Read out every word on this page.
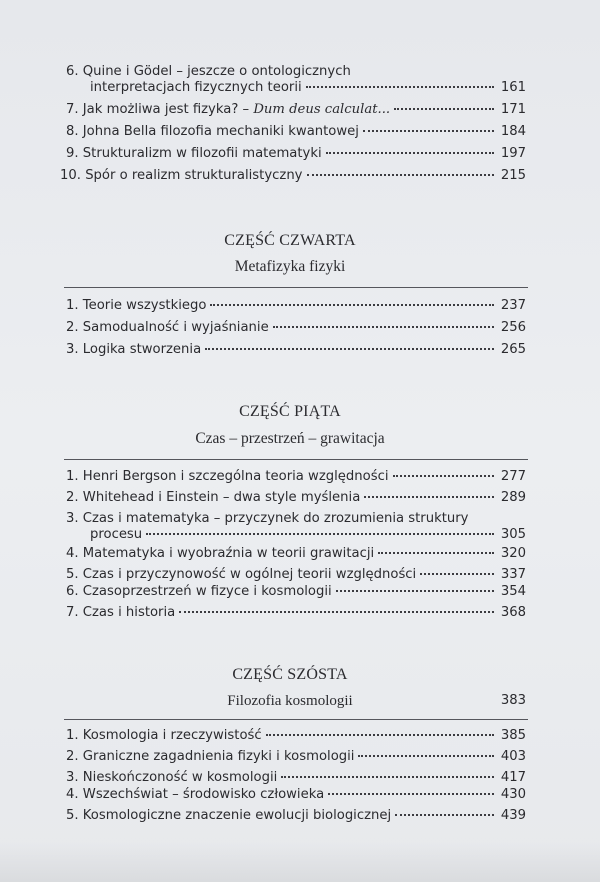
6. Quine i Gödel – jeszcze o ontologicznych
interpretacjach fizycznych teorii	161
7. Jak możliwa jest fizyka? – Dum deus calculat...	171
8. Johna Bella filozofia mechaniki kwantowej	184
9. Strukturalizm w filozofii matematyki	197
10. Spór o realizm strukturalistyczny	215
CZĘŚĆ CZWARTA
Metafizyka fizyki
1. Teorie wszystkiego	237
2. Samodualność i wyjaśnianie	256
3. Logika stworzenia	265
CZĘŚĆ PIĄTA
Czas – przestrzeń – grawitacja
1. Henri Bergson i szczególna teoria względności	277
2. Whitehead i Einstein – dwa style myślenia	289
3. Czas i matematyka – przyczynek do zrozumienia struktury
procesu	305
4. Matematyka i wyobraźnia w teorii grawitacji	320
5. Czas i przyczynowość w ogólnej teorii względności	337
6. Czasoprzestrzeń w fizyce i kosmologii	354
7. Czas i historia	368
CZĘŚĆ SZÓSTA
Filozofia kosmologii	383
1. Kosmologia i rzeczywistość	385
2. Graniczne zagadnienia fizyki i kosmologii	403
3. Nieskończoność w kosmologii	417
4. Wszechświat – środowisko człowieka	430
5. Kosmologiczne znaczenie ewolucji biologicznej	439
